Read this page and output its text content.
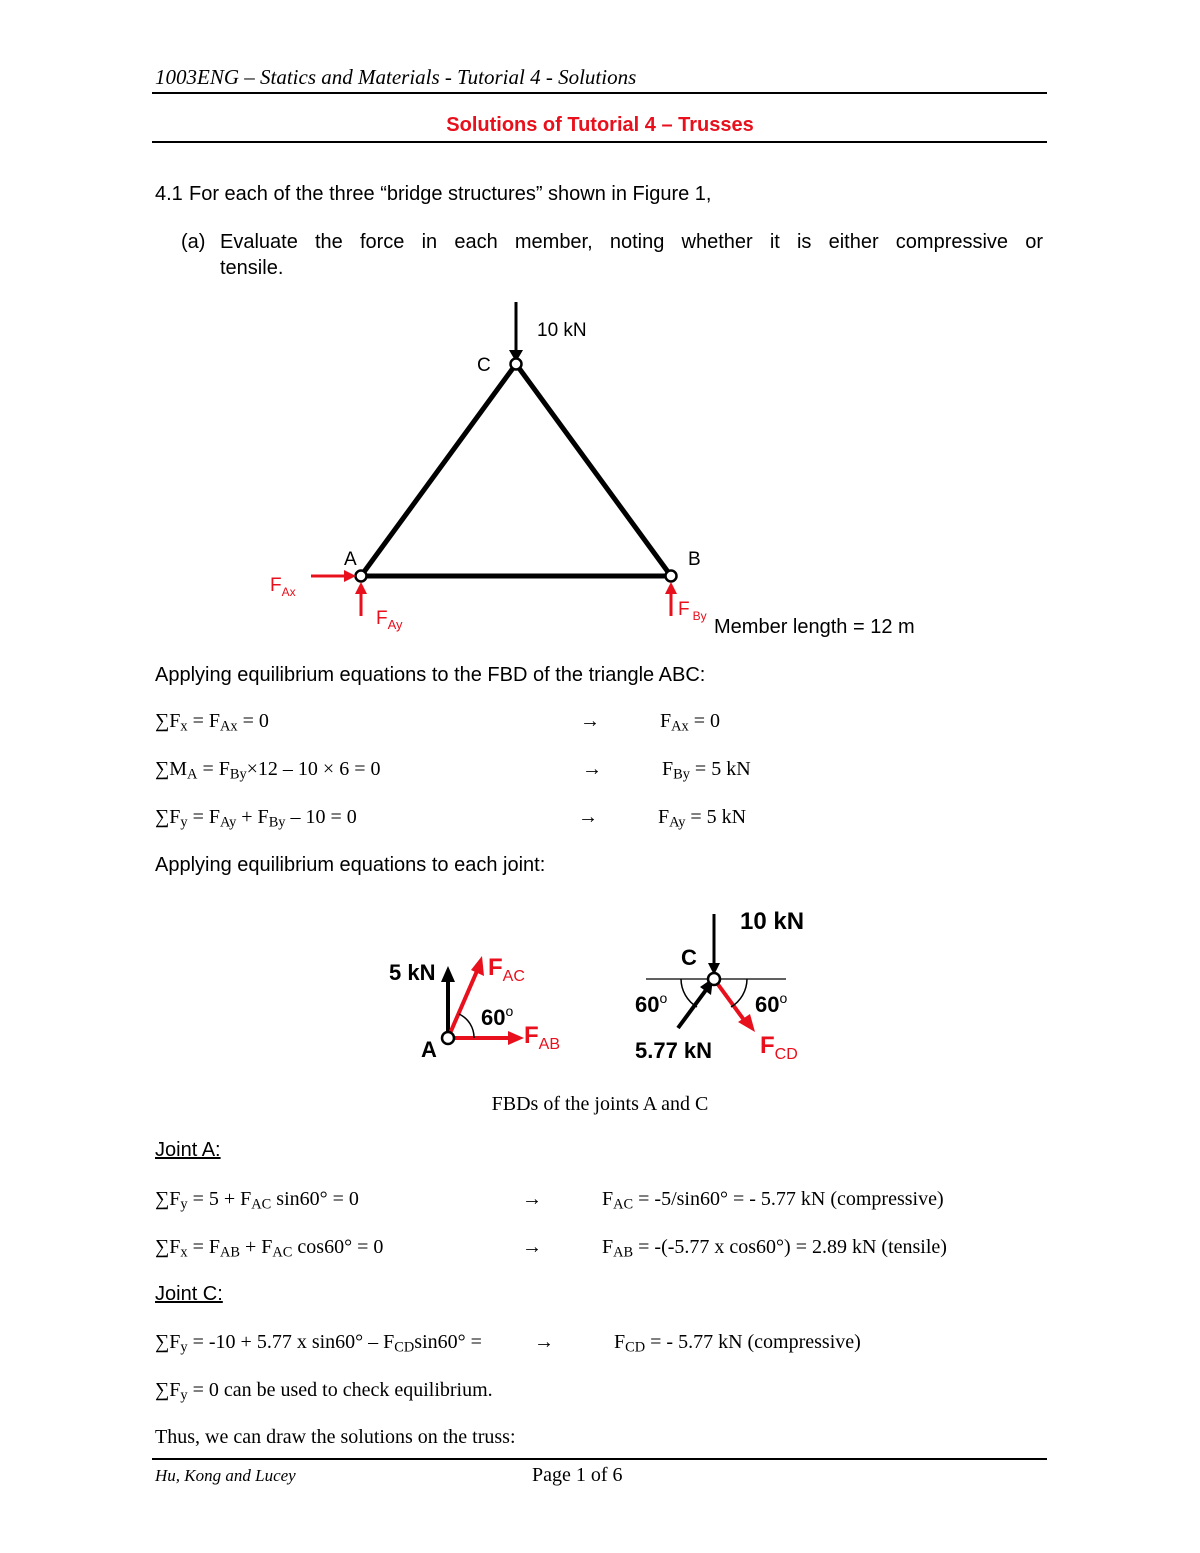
1003ENG – Statics and Materials - Tutorial 4 - Solutions
Solutions of Tutorial 4 – Trusses
4.1 For each of the three “bridge structures” shown in Figure 1,
(a) Evaluate the force in each member, noting whether it is either compressive or
tensile.
10 kN
C
A	B
$F_{Ax}$
$F_{Ay}$
F $_{By}$ Member length = 12 m
Applying equilibrium equations to the FBD of the triangle ABC:
$\sum F_x = F_{Ax} = 0$	→	$F_{Ax} = 0$
$\sum M_A = F_{By}\times 12 - 10 \times 6 = 0$	→	$F_{By} = 5$ kN
$\sum F_y = F_{Ay} + F_{By} - 10 = 0$	→	$F_{Ay} = 5$ kN
Applying equilibrium equations to each joint:
5 kN $F_{AC}$
60$^o$
$F_{AB}$
A
10 kN
C
60$^o$	60$^o$
5.77 kN $F_{CD}$
FBDs of the joints A and C
Joint A:
$\sum F_y = 5 + F_{AC}$ sin60° = 0	→	$F_{AC} = -5/\sin 60^\circ$ = - 5.77 kN (compressive)
$\sum F_x = F_{AB} + F_{AC}$ cos60° = 0	→	$F_{AB} = -(-5.77$ x cos60°) = 2.89 kN (tensile)
Joint C:
$\sum F_y = -10 + 5.77$ x $\sin 60^\circ - F_{CD}\sin 60^\circ$ =	→	$F_{CD}$ = - 5.77 kN (compressive)
$\sum F_y = 0$ can be used to check equilibrium.
Thus, we can draw the solutions on the truss:
Hu, Kong and Lucey	Page 1 of 6
